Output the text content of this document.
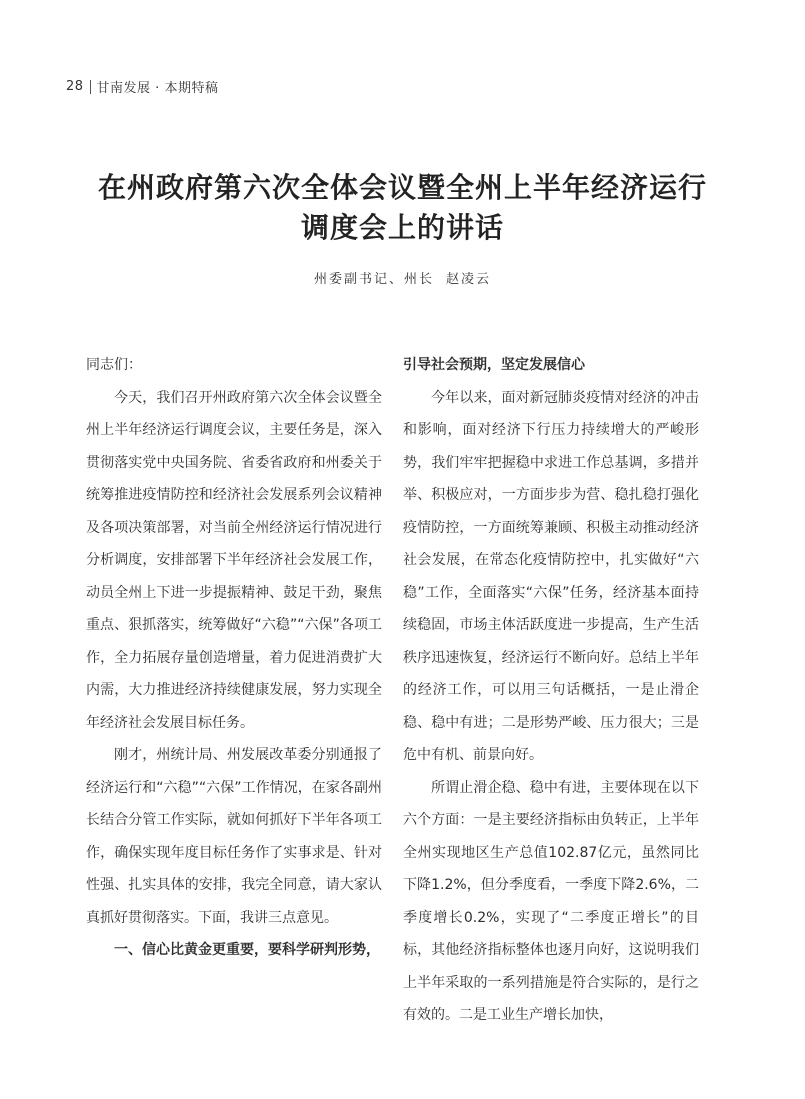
28 甘南发展 · 本期特稿
在州政府第六次全体会议暨全州上半年经济运行
调度会上的讲话
州委副书记、州长 赵凌云

同志们：

今天，我们召开州政府第六次全体会议暨全州上半年经济运行调度会议，主要任务是，深入贯彻落实党中央国务院、省委省政府和州委关于统筹推进疫情防控和经济社会发展系列会议精神及各项决策部署，对当前全州经济运行情况进行分析调度，安排部署下半年经济社会发展工作，动员全州上下进一步提振精神、鼓足干劲，聚焦重点、狠抓落实，统筹做好“六稳”“六保”各项工作，全力拓展存量创造增量，着力促进消费扩大内需，大力推进经济持续健康发展，努力实现全年经济社会发展目标任务。

刚才，州统计局、州发展改革委分别通报了经济运行和“六稳”“六保”工作情况，在家各副州长结合分管工作实际，就如何抓好下半年各项工作，确保实现年度目标任务作了实事求是、针对性强、扎实具体的安排，我完全同意，请大家认真抓好贯彻落实。下面，我讲三点意见。

一、信心比黄金更重要，要科学研判形势，

引导社会预期，坚定发展信心

今年以来，面对新冠肺炎疫情对经济的冲击和影响，面对经济下行压力持续增大的严峻形势，我们牢牢把握稳中求进工作总基调，多措并举、积极应对，一方面步步为营、稳扎稳打强化疫情防控，一方面统筹兼顾、积极主动推动经济社会发展，在常态化疫情防控中，扎实做好“六稳”工作，全面落实“六保”任务，经济基本面持续稳固，市场主体活跃度进一步提高，生产生活秩序迅速恢复，经济运行不断向好。总结上半年的经济工作，可以用三句话概括，一是止滑企稳、稳中有进；二是形势严峻、压力很大；三是危中有机、前景向好。

所谓止滑企稳、稳中有进，主要体现在以下六个方面：一是主要经济指标由负转正，上半年全州实现地区生产总值102.87亿元，虽然同比下降1.2%，但分季度看，一季度下降2.6%，二季度增长0.2%，实现了“二季度正增长”的目标，其他经济指标整体也逐月向好，这说明我们上半年采取的一系列措施是符合实际的，是行之有效的。二是工业生产增长加快，
